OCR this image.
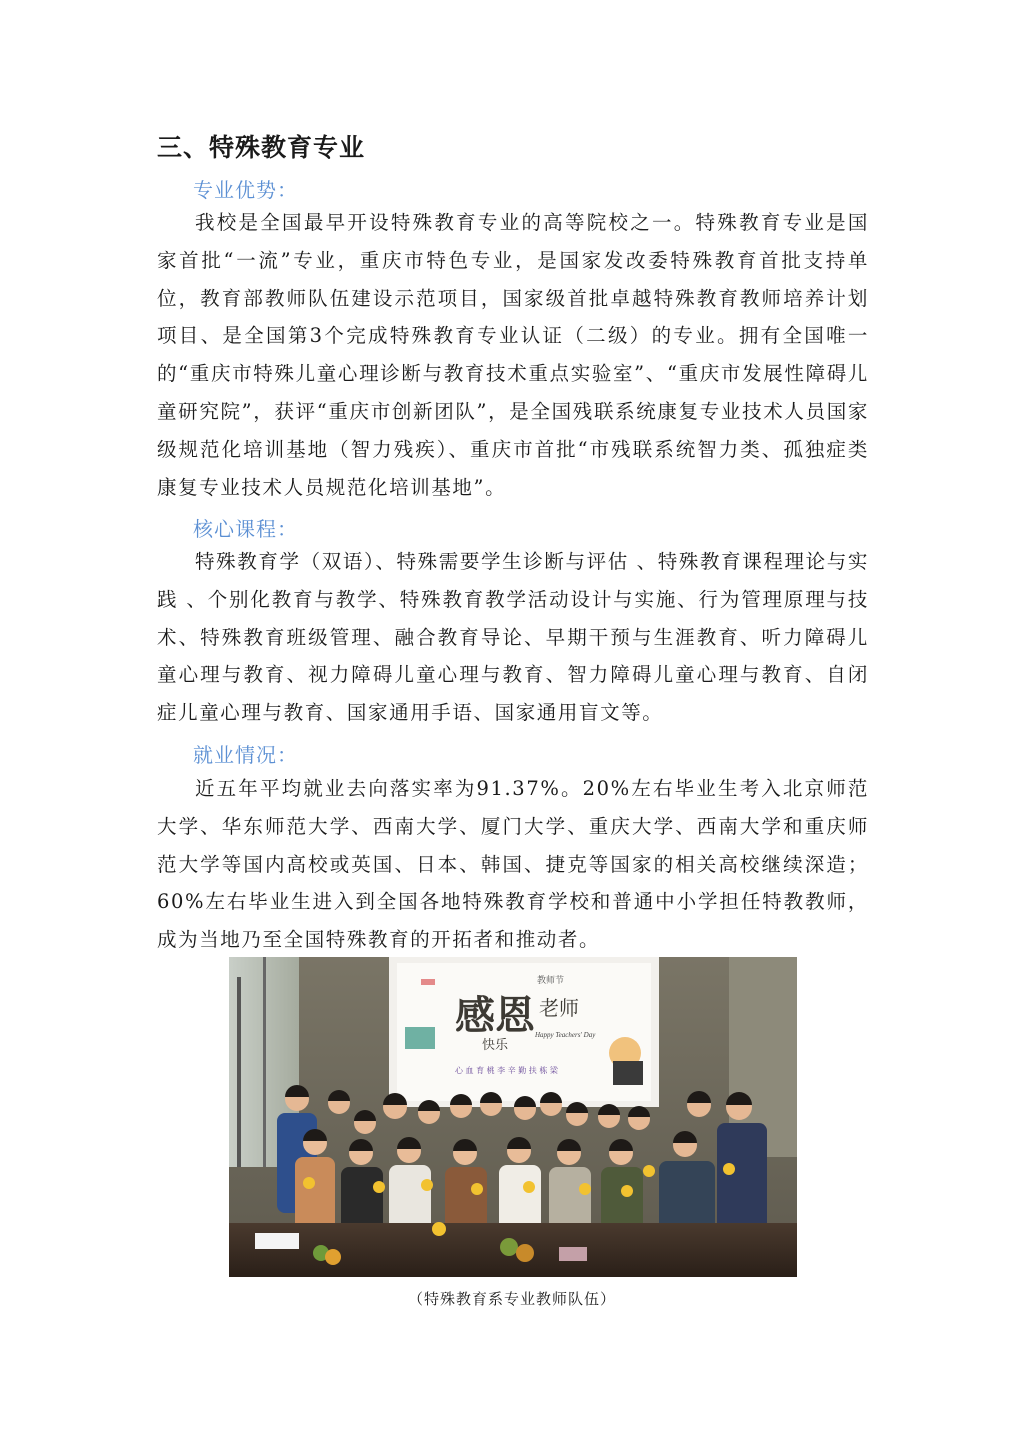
三、特殊教育专业
专业优势：
我校是全国最早开设特殊教育专业的高等院校之一。特殊教育专业是国家首批“一流”专业，重庆市特色专业，是国家发改委特殊教育首批支持单位，教育部教师队伍建设示范项目，国家级首批卓越特殊教育教师培养计划项目、是全国第3个完成特殊教育专业认证（二级）的专业。拥有全国唯一的“重庆市特殊儿童心理诊断与教育技术重点实验室”、“重庆市发展性障碍儿童研究院”，获评“重庆市创新团队”，是全国残联系统康复专业技术人员国家级规范化培训基地（智力残疾）、重庆市首批“市残联系统智力类、孤独症类康复专业技术人员规范化培训基地”。
核心课程：
特殊教育学（双语）、特殊需要学生诊断与评估 、特殊教育课程理论与实践 、个别化教育与教学、特殊教育教学活动设计与实施、行为管理原理与技术、特殊教育班级管理、融合教育导论、早期干预与生涯教育、听力障碍儿童心理与教育、视力障碍儿童心理与教育、智力障碍儿童心理与教育、自闭症儿童心理与教育、国家通用手语、国家通用盲文等。
就业情况：
近五年平均就业去向落实率为91.37%。20%左右毕业生考入北京师范大学、华东师范大学、西南大学、厦门大学、重庆大学、西南大学和重庆师范大学等国内高校或英国、日本、韩国、捷克等国家的相关高校继续深造；60%左右毕业生进入到全国各地特殊教育学校和普通中小学担任特教教师，成为当地乃至全国特殊教育的开拓者和推动者。
感恩
快乐
教师节
老师
Happy Teachers' Day
心 血 育 桃 李 辛 勤 扶 栋 梁
（特殊教育系专业教师队伍）
